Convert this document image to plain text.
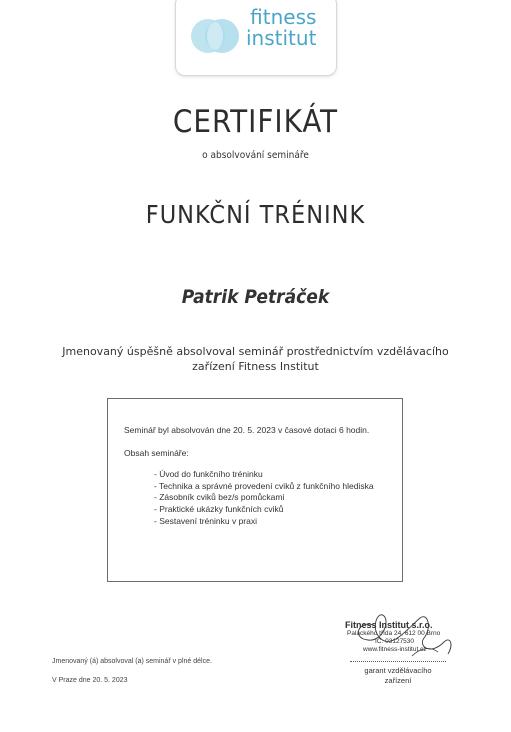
fitness
institut
CERTIFIKÁT
o absolvování semináře
FUNKČNÍ TRÉNINK
Patrik Petráček
Jmenovaný úspěšně absolvoval seminář prostřednictvím vzdělávacího
zařízení Fitness Institut
Seminář byl absolvován dne 20. 5. 2023 v časové dotaci 6 hodin.
Obsah semináře:
- Úvod do funkčního tréninku
- Technika a správné provedení cviků z funkčního hlediska
- Zásobník cviků bez/s pomůckami
- Praktické ukázky funkčních cviků
- Sestavení tréninku v praxi
Jmenovaný (á) absolvoval (a) seminář v plné délce.
V Praze dne 20. 5. 2023
Fitness Institut s.r.o.
Palackého třída 24, 612 00 Brno
IČ: 03127530
www.fitness-institut.cz
garant vzdělávacího
zařízení
